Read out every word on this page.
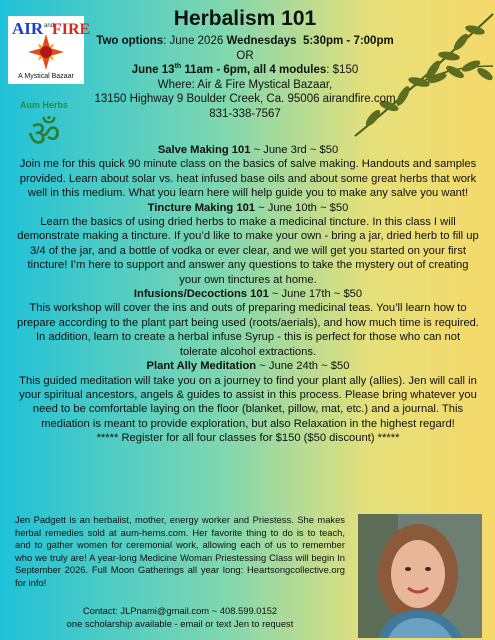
AIR and
FIRE
A Mystical Bazaar
Aum Herbs
ॐ
Herbalism 101
Two options: June 2026 Wednesdays 5:30pm - 7:00pm
OR
June 13th 11am - 6pm, all 4 modules: $150
Where: Air & Fire Mystical Bazaar,
13150 Highway 9 Boulder Creek, Ca. 95006 airandfire.com
831-338-7567

Salve Making 101 ~ June 3rd ~ $50

Join me for this quick 90 minute class on the basics of salve making. Handouts and samples provided. Learn about solar vs. heat infused base oils and about some great herbs that work well in this medium. What you learn here will help guide you to make any salve you want!

Tincture Making 101 ~ June 10th ~ $50

Learn the basics of using dried herbs to make a medicinal tincture. In this class I will demonstrate making a tincture. If you’d like to make your own - bring a jar, dried herb to fill up 3/4 of the jar, and a bottle of vodka or ever clear, and we will get you started on your first tincture! I’m here to support and answer any questions to take the mystery out of creating your own tinctures at home.

Infusions/Decoctions 101 ~ June 17th ~ $50

This workshop will cover the ins and outs of preparing medicinal teas. You’ll learn how to prepare according to the plant part being used (roots/aerials), and how much time is required. In addition, learn to create a herbal infuse Syrup - this is perfect for those who can not tolerate alcohol extractions.

Plant Ally Meditation ~ June 24th ~ $50

This guided meditation will take you on a journey to find your plant ally (allies). Jen will call in your spiritual ancestors, angels & guides to assist in this process. Please bring whatever you need to be comfortable laying on the floor (blanket, pillow, mat, etc.) and a journal. This mediation is meant to provide exploration, but also Relaxation in the highest regard!

***** Register for all four classes for $150 ($50 discount) *****

Jen Padgett is an herbalist, mother, energy worker and Priestess. She makes herbal remedies sold at aum-herns.com. Her favorite thing to do is to teach, and to gather women for ceremonial work, allowing each of us to remember who we truly are! A year-long Medicine Woman Priestessing Class will begin In September 2026. Full Moon Gatherings all year long: Heartsongcollective.org for info!
Contact: JLPnami@gmail.com ~ 408.599.0152
one scholarship available - email or text Jen to request
